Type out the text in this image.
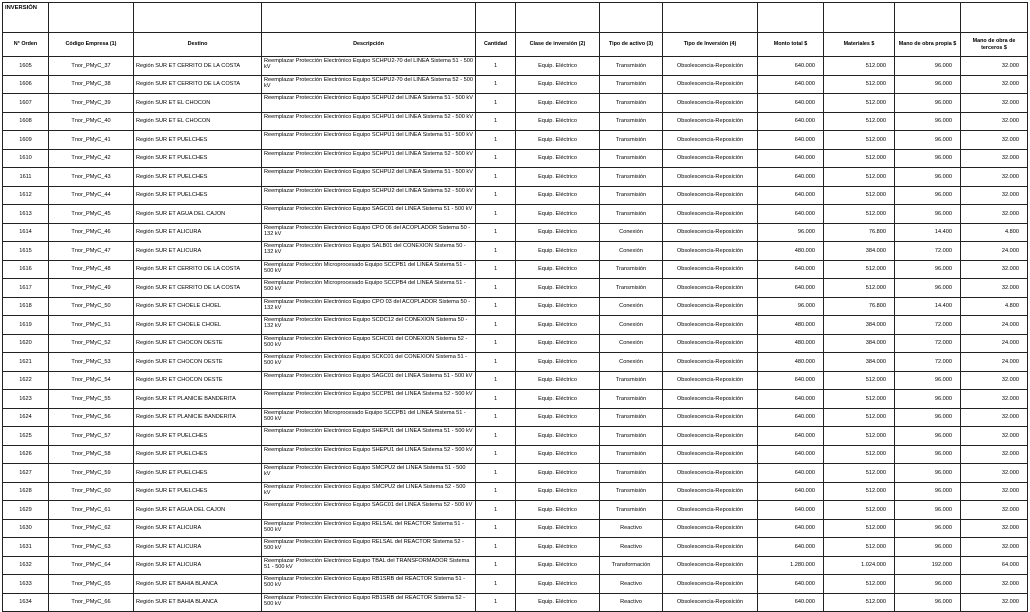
INVERSIÓN											
N° Orden	Código Empresa (1)	Destino	Descripción	Cantidad	Clase de inversión (2)	Tipo de activo (3)	Tipo de Inversión (4)	Monto total $	Materiales $	Mano de obra propia $	Mano de obra de terceros $
1605	Tnor_PMyC_37	Región SUR ET CERRITO DE LA COSTA	Reemplazar Protección Electrónico Equipo SCHPU2-70 del LINEA Sistema 51 - 500 kV	1	Equip. Eléctrico	Transmisión	Obsolescencia-Reposición	640.000	512.000	96.000	32.000
1606	Tnor_PMyC_38	Región SUR ET CERRITO DE LA COSTA	Reemplazar Protección Electrónico Equipo SCHPU2-70 del LINEA Sistema 52 - 500 kV	1	Equip. Eléctrico	Transmisión	Obsolescencia-Reposición	640.000	512.000	96.000	32.000
1607	Tnor_PMyC_39	Región SUR ET EL CHOCON	Reemplazar Protección Electrónico Equipo SCHPU2 del LINEA Sistema 51 - 500 kV	1	Equip. Eléctrico	Transmisión	Obsolescencia-Reposición	640.000	512.000	96.000	32.000
1608	Tnor_PMyC_40	Región SUR ET EL CHOCON	Reemplazar Protección Electrónico Equipo SCHPU1 del LINEA Sistema 52 - 500 kV	1	Equip. Eléctrico	Transmisión	Obsolescencia-Reposición	640.000	512.000	96.000	32.000
1609	Tnor_PMyC_41	Región SUR ET PUELCHES	Reemplazar Protección Electrónico Equipo SCHPU1 del LINEA Sistema 51 - 500 kV	1	Equip. Eléctrico	Transmisión	Obsolescencia-Reposición	640.000	512.000	96.000	32.000
1610	Tnor_PMyC_42	Región SUR ET PUELCHES	Reemplazar Protección Electrónico Equipo SCHPU1 del LINEA Sistema 52 - 500 kV	1	Equip. Eléctrico	Transmisión	Obsolescencia-Reposición	640.000	512.000	96.000	32.000
1611	Tnor_PMyC_43	Región SUR ET PUELCHES	Reemplazar Protección Electrónico Equipo SCHPU2 del LINEA Sistema 51 - 500 kV	1	Equip. Eléctrico	Transmisión	Obsolescencia-Reposición	640.000	512.000	96.000	32.000
1612	Tnor_PMyC_44	Región SUR ET PUELCHES	Reemplazar Protección Electrónico Equipo SCHPU2 del LINEA Sistema 52 - 500 kV	1	Equip. Eléctrico	Transmisión	Obsolescencia-Reposición	640.000	512.000	96.000	32.000
1613	Tnor_PMyC_45	Región SUR ET AGUA DEL CAJON	Reemplazar Protección Electrónico Equipo SAGC01 del LINEA Sistema 51 - 500 kV	1	Equip. Eléctrico	Transmisión	Obsolescencia-Reposición	640.000	512.000	96.000	32.000
1614	Tnor_PMyC_46	Región SUR ET ALICURA	Reemplazar Protección Electrónico Equipo CPO 06 del ACOPLADOR Sistema 50 - 132 kV	1	Equip. Eléctrico	Conexión	Obsolescencia-Reposición	96.000	76.800	14.400	4.800
1615	Tnor_PMyC_47	Región SUR ET ALICURA	Reemplazar Protección Electrónico Equipo SALB01 del CONEXION Sistema 50 - 132 kV	1	Equip. Eléctrico	Conexión	Obsolescencia-Reposición	480.000	384.000	72.000	24.000
1616	Tnor_PMyC_48	Región SUR ET CERRITO DE LA COSTA	Reemplazar Protección Microprocesado Equipo SCCPB1 del LINEA Sistema 51 - 500 kV	1	Equip. Eléctrico	Transmisión	Obsolescencia-Reposición	640.000	512.000	96.000	32.000
1617	Tnor_PMyC_49	Región SUR ET CERRITO DE LA COSTA	Reemplazar Protección Microprocesado Equipo SCCPB4 del LINEA Sistema 51 - 500 kV	1	Equip. Eléctrico	Transmisión	Obsolescencia-Reposición	640.000	512.000	96.000	32.000
1618	Tnor_PMyC_50	Región SUR ET CHOELE CHOEL	Reemplazar Protección Electrónico Equipo CPO 03 del ACOPLADOR Sistema 50 - 132 kV	1	Equip. Eléctrico	Conexión	Obsolescencia-Reposición	96.000	76.800	14.400	4.800
1619	Tnor_PMyC_51	Región SUR ET CHOELE CHOEL	Reemplazar Protección Electrónico Equipo SCDC12 del CONEXION Sistema 50 - 132 kV	1	Equip. Eléctrico	Conexión	Obsolescencia-Reposición	480.000	384.000	72.000	24.000
1620	Tnor_PMyC_52	Región SUR ET CHOCON OESTE	Reemplazar Protección Electrónico Equipo SCHC01 del CONEXION Sistema 52 - 500 kV	1	Equip. Eléctrico	Conexión	Obsolescencia-Reposición	480.000	384.000	72.000	24.000
1621	Tnor_PMyC_53	Región SUR ET CHOCON OESTE	Reemplazar Protección Electrónico Equipo SCKC01 del CONEXION Sistema 51 - 500 kV	1	Equip. Eléctrico	Conexión	Obsolescencia-Reposición	480.000	384.000	72.000	24.000
1622	Tnor_PMyC_54	Región SUR ET CHOCON OESTE	Reemplazar Protección Electrónico Equipo SAGC01 del LINEA Sistema 51 - 500 kV	1	Equip. Eléctrico	Transmisión	Obsolescencia-Reposición	640.000	512.000	96.000	32.000
1623	Tnor_PMyC_55	Región SUR ET PLANICIE BANDERITA	Reemplazar Protección Electrónico Equipo SCCPB1 del LINEA Sistema 52 - 500 kV	1	Equip. Eléctrico	Transmisión	Obsolescencia-Reposición	640.000	512.000	96.000	32.000
1624	Tnor_PMyC_56	Región SUR ET PLANICIE BANDERITA	Reemplazar Protección Microprocesado Equipo SCCPB1 del LINEA Sistema 51 - 500 kV	1	Equip. Eléctrico	Transmisión	Obsolescencia-Reposición	640.000	512.000	96.000	32.000
1625	Tnor_PMyC_57	Región SUR ET PUELCHES	Reemplazar Protección Electrónico Equipo SHEPU1 del LINEA Sistema 51 - 500 kV	1	Equip. Eléctrico	Transmisión	Obsolescencia-Reposición	640.000	512.000	96.000	32.000
1626	Tnor_PMyC_58	Región SUR ET PUELCHES	Reemplazar Protección Electrónico Equipo SHEPU1 del LINEA Sistema 52 - 500 kV	1	Equip. Eléctrico	Transmisión	Obsolescencia-Reposición	640.000	512.000	96.000	32.000
1627	Tnor_PMyC_59	Región SUR ET PUELCHES	Reemplazar Protección Electrónico Equipo SMCPU2 del LINEA Sistema 51 - 500 kV	1	Equip. Eléctrico	Transmisión	Obsolescencia-Reposición	640.000	512.000	96.000	32.000
1628	Tnor_PMyC_60	Región SUR ET PUELCHES	Reemplazar Protección Electrónico Equipo SMCPU2 del LINEA Sistema 52 - 500 kV	1	Equip. Eléctrico	Transmisión	Obsolescencia-Reposición	640.000	512.000	96.000	32.000
1629	Tnor_PMyC_61	Región SUR ET AGUA DEL CAJON	Reemplazar Protección Electrónico Equipo SAGC01 del LINEA Sistema 52 - 500 kV	1	Equip. Eléctrico	Transmisión	Obsolescencia-Reposición	640.000	512.000	96.000	32.000
1630	Tnor_PMyC_62	Región SUR ET ALICURA	Reemplazar Protección Electrónico Equipo RELSAL del REACTOR Sistema 51 - 500 kV	1	Equip. Eléctrico	Reactivo	Obsolescencia-Reposición	640.000	512.000	96.000	32.000
1631	Tnor_PMyC_63	Región SUR ET ALICURA	Reemplazar Protección Electrónico Equipo RELSAL del REACTOR Sistema 52 - 500 kV	1	Equip. Eléctrico	Reactivo	Obsolescencia-Reposición	640.000	512.000	96.000	32.000
1632	Tnor_PMyC_64	Región SUR ET ALICURA	Reemplazar Protección Electrónico Equipo TBAL del TRANSFORMADOR Sistema 51 - 500 kV	1	Equip. Eléctrico	Transformación	Obsolescencia-Reposición	1.280.000	1.024.000	192.000	64.000
1633	Tnor_PMyC_65	Región SUR ET BAHIA BLANCA	Reemplazar Protección Electrónico Equipo RB1SRB del REACTOR Sistema 51 - 500 kV	1	Equip. Eléctrico	Reactivo	Obsolescencia-Reposición	640.000	512.000	96.000	32.000
1634	Tnor_PMyC_66	Región SUR ET BAHIA BLANCA	Reemplazar Protección Electrónico Equipo RB1SRB del REACTOR Sistema 52 - 500 kV	1	Equip. Eléctrico	Reactivo	Obsolescencia-Reposición	640.000	512.000	96.000	32.000
